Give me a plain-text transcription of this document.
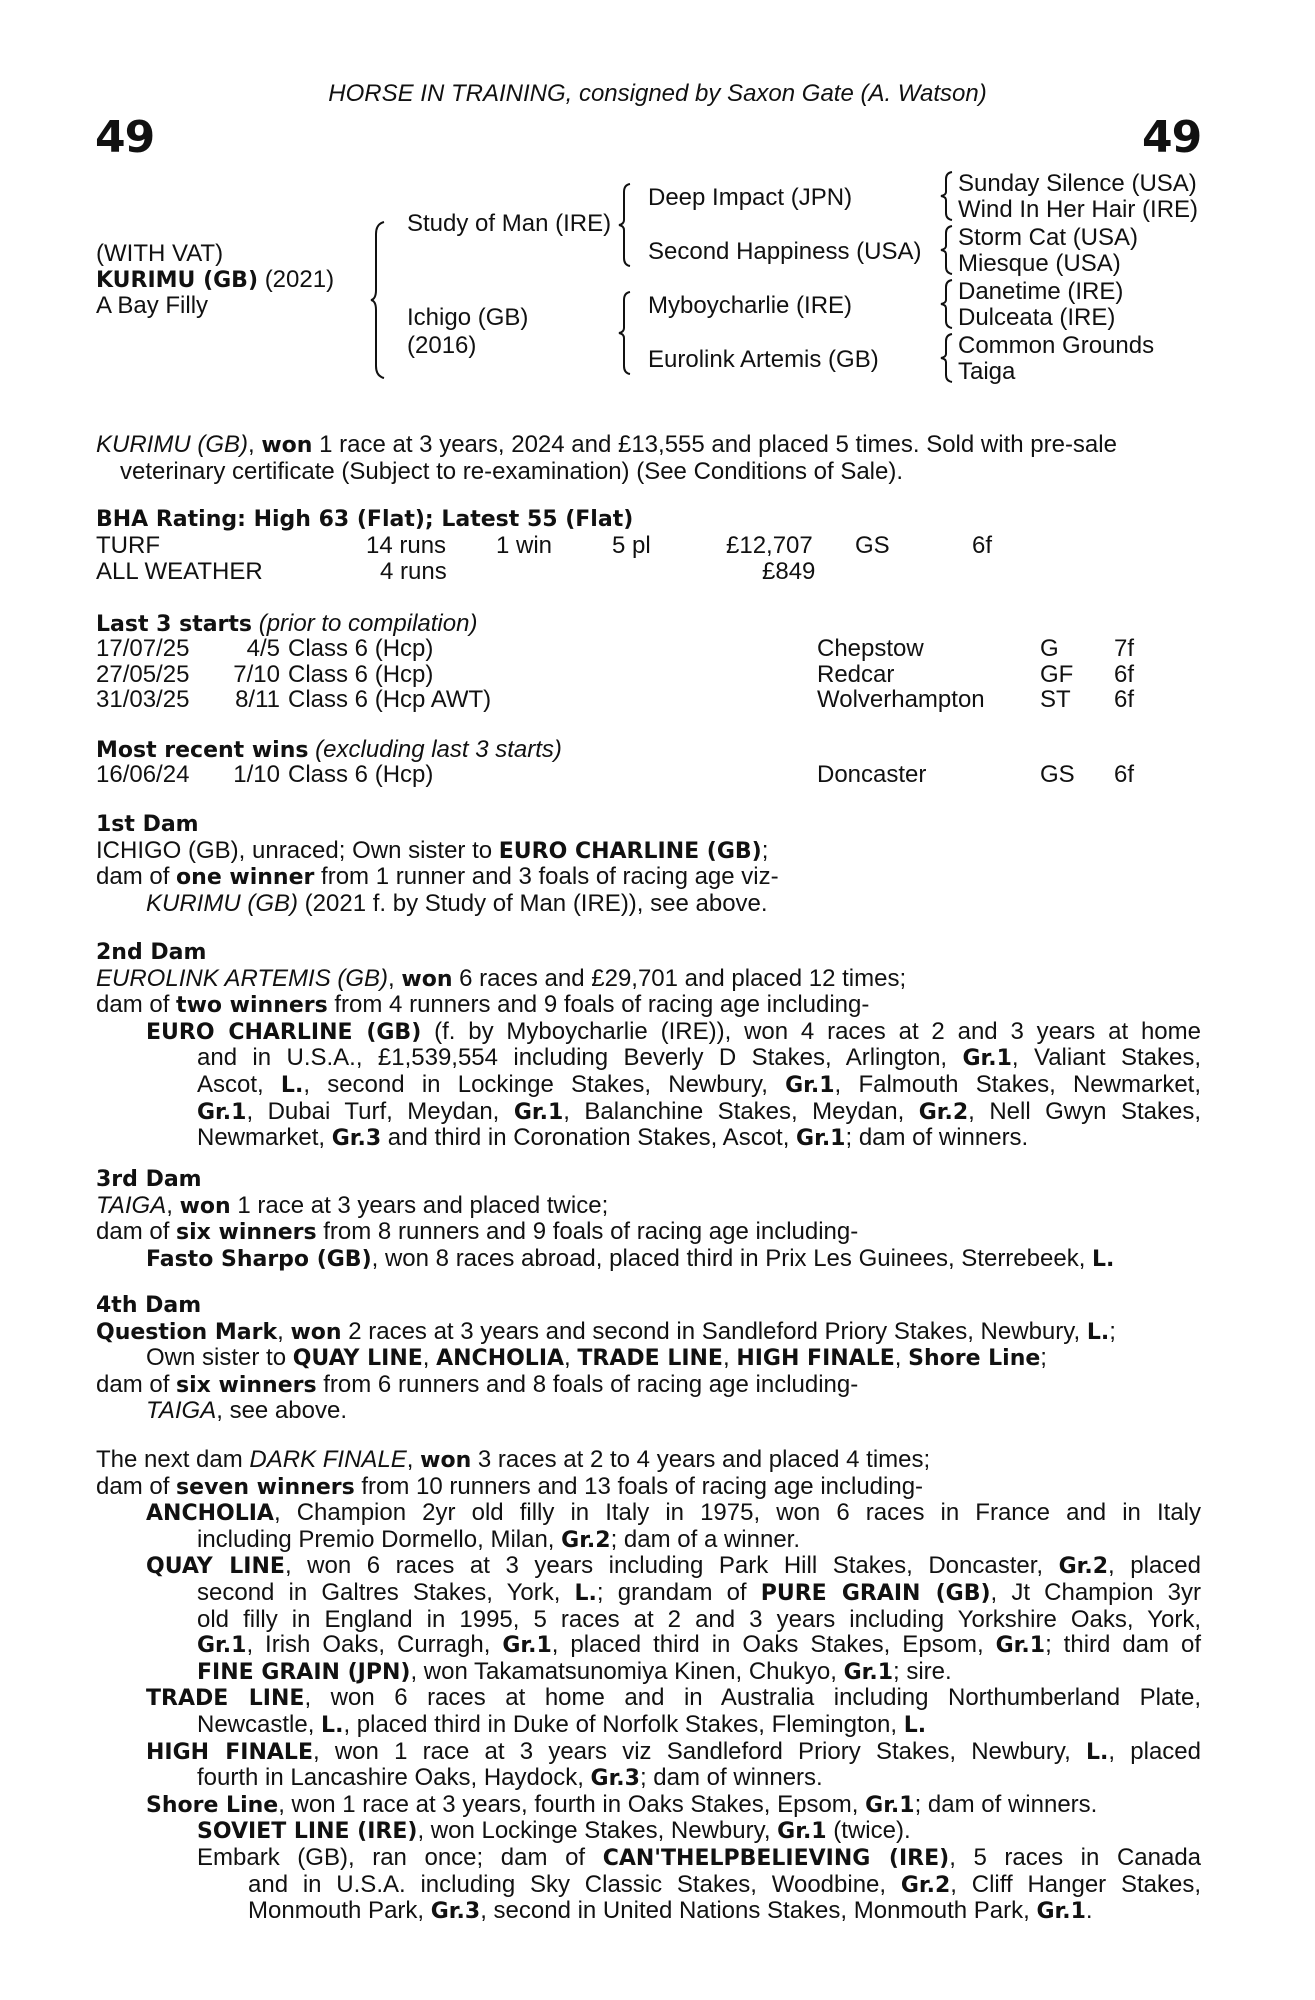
HORSE IN TRAINING, consigned by Saxon Gate (A. Watson)
49	49
(WITH VAT)
KURIMU (GB) (2021)
A Bay Filly
Study of Man (IRE)
Ichigo (GB)
(2016)
Deep Impact (JPN)
Second Happiness (USA)
Myboycharlie (IRE)
Eurolink Artemis (GB)
Sunday Silence (USA)
Wind In Her Hair (IRE)
Storm Cat (USA)
Miesque (USA)
Danetime (IRE)
Dulceata (IRE)
Common Grounds
Taiga
KURIMU (GB), won 1 race at 3 years, 2024 and £13,555 and placed 5 times. Sold with pre-sale
veterinary certificate (Subject to re-examination) (See Conditions of Sale).
BHA Rating: High 63 (Flat); Latest 55 (Flat)
TURF	14 runs 1 win 5 pl	£12,707 GS	6f
ALL WEATHER	4 runs	£849
Last 3 starts (prior to compilation)
17/07/25	4/5 Class 6 (Hcp)	Chepstow	G 7f
27/05/25	7/10 Class 6 (Hcp)	Redcar	GF 6f
31/03/25	8/11 Class 6 (Hcp AWT)	Wolverhampton ST 6f
Most recent wins (excluding last 3 starts)
16/06/24	1/10 Class 6 (Hcp)	Doncaster	GS 6f
1st Dam
ICHIGO (GB), unraced; Own sister to EURO CHARLINE (GB);
dam of one winner from 1 runner and 3 foals of racing age viz-
KURIMU (GB) (2021 f. by Study of Man (IRE)), see above.
2nd Dam
EUROLINK ARTEMIS (GB), won 6 races and £29,701 and placed 12 times;
dam of two winners from 4 runners and 9 foals of racing age including-
EURO CHARLINE (GB) (f. by Myboycharlie (IRE)), won 4 races at 2 and 3 years at home
and in U.S.A., £1,539,554 including Beverly D Stakes, Arlington, Gr.1, Valiant Stakes,
Ascot, L., second in Lockinge Stakes, Newbury, Gr.1, Falmouth Stakes, Newmarket,
Gr.1, Dubai Turf, Meydan, Gr.1, Balanchine Stakes, Meydan, Gr.2, Nell Gwyn Stakes,
Newmarket, Gr.3 and third in Coronation Stakes, Ascot, Gr.1; dam of winners.
3rd Dam
TAIGA, won 1 race at 3 years and placed twice;
dam of six winners from 8 runners and 9 foals of racing age including-
Fasto Sharpo (GB), won 8 races abroad, placed third in Prix Les Guinees, Sterrebeek, L.
4th Dam
Question Mark, won 2 races at 3 years and second in Sandleford Priory Stakes, Newbury, L.;
Own sister to QUAY LINE, ANCHOLIA, TRADE LINE, HIGH FINALE, Shore Line;
dam of six winners from 6 runners and 8 foals of racing age including-
TAIGA, see above.
The next dam DARK FINALE, won 3 races at 2 to 4 years and placed 4 times;
dam of seven winners from 10 runners and 13 foals of racing age including-
ANCHOLIA, Champion 2yr old filly in Italy in 1975, won 6 races in France and in Italy
including Premio Dormello, Milan, Gr.2; dam of a winner.
QUAY LINE, won 6 races at 3 years including Park Hill Stakes, Doncaster, Gr.2, placed
second in Galtres Stakes, York, L.; grandam of PURE GRAIN (GB), Jt Champion 3yr
old filly in England in 1995, 5 races at 2 and 3 years including Yorkshire Oaks, York,
Gr.1, Irish Oaks, Curragh, Gr.1, placed third in Oaks Stakes, Epsom, Gr.1; third dam of
FINE GRAIN (JPN), won Takamatsunomiya Kinen, Chukyo, Gr.1; sire.
TRADE LINE, won 6 races at home and in Australia including Northumberland Plate,
Newcastle, L., placed third in Duke of Norfolk Stakes, Flemington, L.
HIGH FINALE, won 1 race at 3 years viz Sandleford Priory Stakes, Newbury, L., placed
fourth in Lancashire Oaks, Haydock, Gr.3; dam of winners.
Shore Line, won 1 race at 3 years, fourth in Oaks Stakes, Epsom, Gr.1; dam of winners.
SOVIET LINE (IRE), won Lockinge Stakes, Newbury, Gr.1 (twice).
Embark (GB), ran once; dam of CAN'THELPBELIEVING (IRE), 5 races in Canada
and in U.S.A. including Sky Classic Stakes, Woodbine, Gr.2, Cliff Hanger Stakes,
Monmouth Park, Gr.3, second in United Nations Stakes, Monmouth Park, Gr.1.
